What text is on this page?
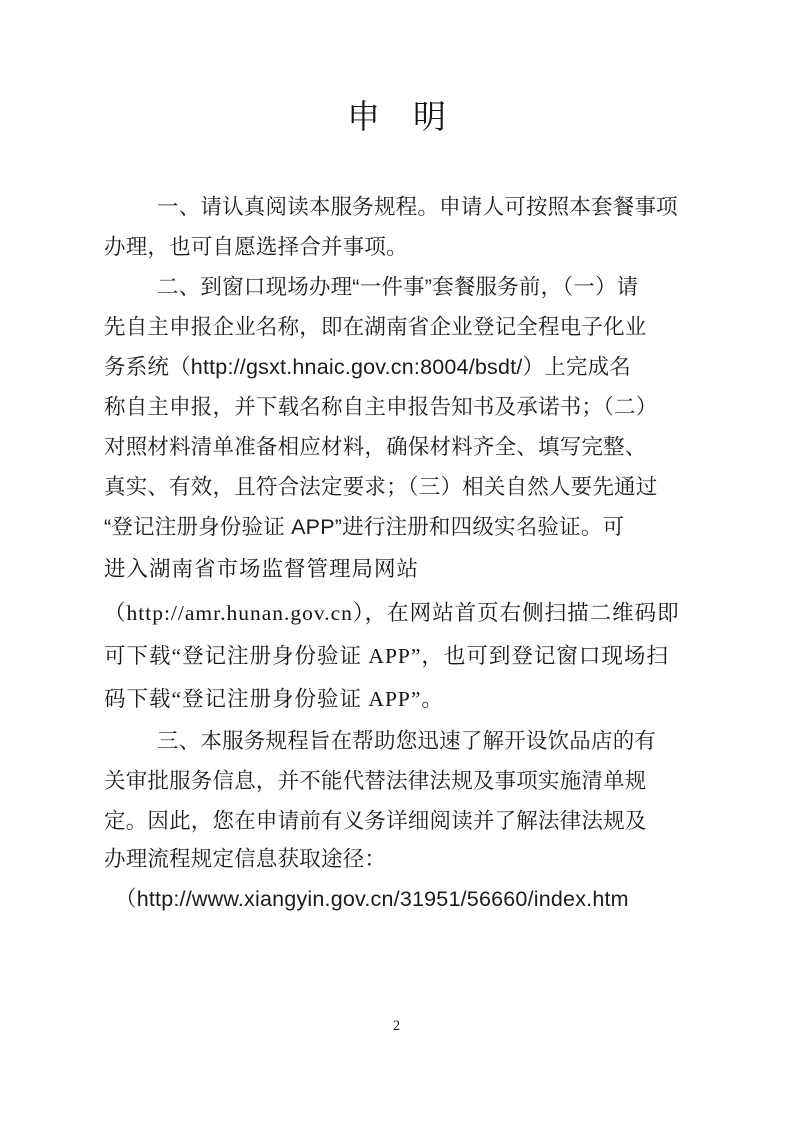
申　明
一、请认真阅读本服务规程。申请人可按照本套餐事项
办理，也可自愿选择合并事项。
二、到窗口现场办理“一件事”套餐服务前，（一）请
先自主申报企业名称，即在湖南省企业登记全程电子化业
务系统（http://gsxt.hnaic.gov.cn:8004/bsdt/）上完成名
称自主申报，并下载名称自主申报告知书及承诺书；（二）
对照材料清单准备相应材料，确保材料齐全、填写完整、
真实、有效，且符合法定要求；（三）相关自然人要先通过
“登记注册身份验证 APP”进行注册和四级实名验证。可
进入湖南省市场监督管理局网站
（http://amr.hunan.gov.cn），在网站首页右侧扫描二维码即
可下载“登记注册身份验证 APP”，也可到登记窗口现场扫
码下载“登记注册身份验证 APP”。
三、本服务规程旨在帮助您迅速了解开设饮品店的有
关审批服务信息，并不能代替法律法规及事项实施清单规
定。因此，您在申请前有义务详细阅读并了解法律法规及
办理流程规定信息获取途径：
（http://www.xiangyin.gov.cn/31951/56660/index.htm
2
